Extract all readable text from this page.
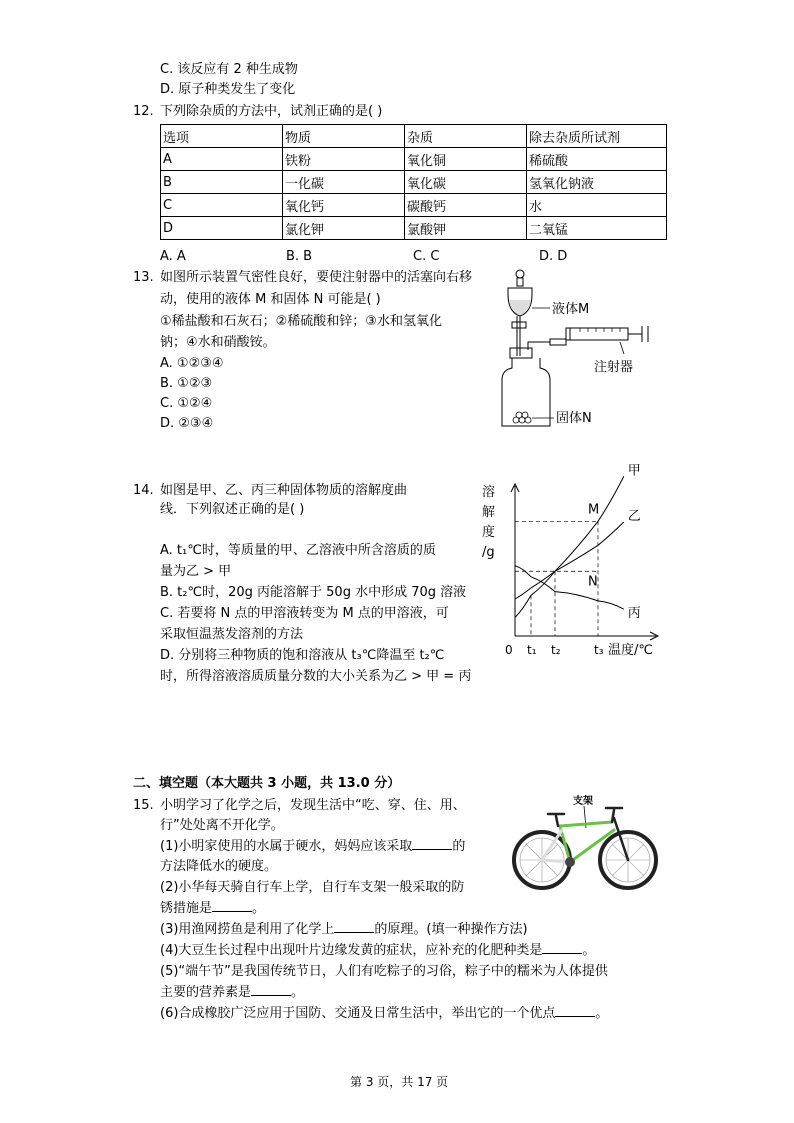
C. 该反应有 2 种生成物
D. 原子种类发生了变化
12. 下列除杂质的方法中，试剂正确的是( )
选项	物质	杂质	除去杂质所试剂
A	铁粉	氧化铜	稀硫酸
B	一化碳	氧化碳	氢氧化钠液
C	氧化钙	碳酸钙	水
D	氯化钾	氯酸钾	二氧锰
A. A	B. B	C. C	D. D
13. 如图所示装置气密性良好，要使注射器中的活塞向右移
动，使用的液体 M 和固体 N 可能是( )
①稀盐酸和石灰石；②稀硫酸和锌；③水和氢氧化
钠；④水和硝酸铵。
A. ①②③④
B. ①②③
C. ①②④
D. ②③④
液体M
注射器
固体N
14. 如图是甲、乙、丙三种固体物质的溶解度曲
线．下列叙述正确的是( )
A. t₁℃时，等质量的甲、乙溶液中所含溶质的质
量为乙 > 甲
B. t₂℃时，20g 丙能溶解于 50g 水中形成 70g 溶液
C. 若要将 N 点的甲溶液转变为 M 点的甲溶液，可
采取恒温蒸发溶剂的方法
D. 分别将三种物质的饱和溶液从 t₃℃降温至 t₂℃
时，所得溶液溶质质量分数的大小关系为乙 > 甲 = 丙
甲
乙
丙
M
N
0 t₁ t₂	t₃ 温度/℃
溶
解
度
/g
二、填空题（本大题共 3 小题，共 13.0 分）
15. 小明学习了化学之后，发现生活中“吃、穿、住、用、
行”处处离不开化学。
(1)小明家使用的水属于硬水，妈妈应该采取	的
方法降低水的硬度。
(2)小华每天骑自行车上学，自行车支架一般采取的防
锈措施是	。
(3)用渔网捞鱼是利用了化学上	的原理。(填一种操作方法)
(4)大豆生长过程中出现叶片边缘发黄的症状，应补充的化肥种类是	。
(5)“端午节”是我国传统节日，人们有吃粽子的习俗，粽子中的糯米为人体提供
主要的营养素是	。
(6)合成橡胶广泛应用于国防、交通及日常生活中，举出它的一个优点	。
支架
第 3 页，共 17 页
